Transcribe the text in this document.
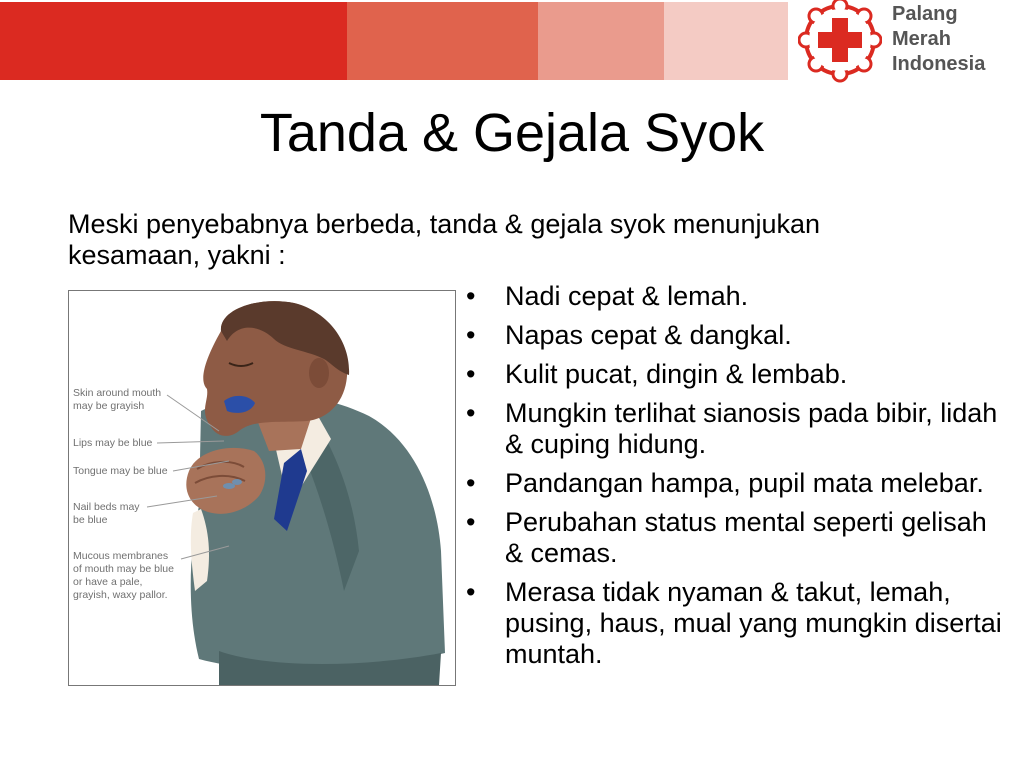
Palang
Merah
Indonesia
Tanda & Gejala Syok
Meski penyebabnya berbeda, tanda & gejala syok menunjukan kesamaan, yakni :
Skin around mouth
may be grayish
Lips may be blue
Tongue may be blue
Nail beds may
be blue
Mucous membranes
of mouth may be blue
or have a pale,
grayish, waxy pallor.
• Nadi cepat & lemah.
• Napas cepat & dangkal.
• Kulit pucat, dingin & lembab.
• Mungkin terlihat sianosis pada bibir, lidah & cuping hidung.
• Pandangan hampa, pupil mata melebar.
• Perubahan status mental seperti gelisah & cemas.
• Merasa tidak nyaman & takut, lemah, pusing, haus, mual yang mungkin disertai muntah.
